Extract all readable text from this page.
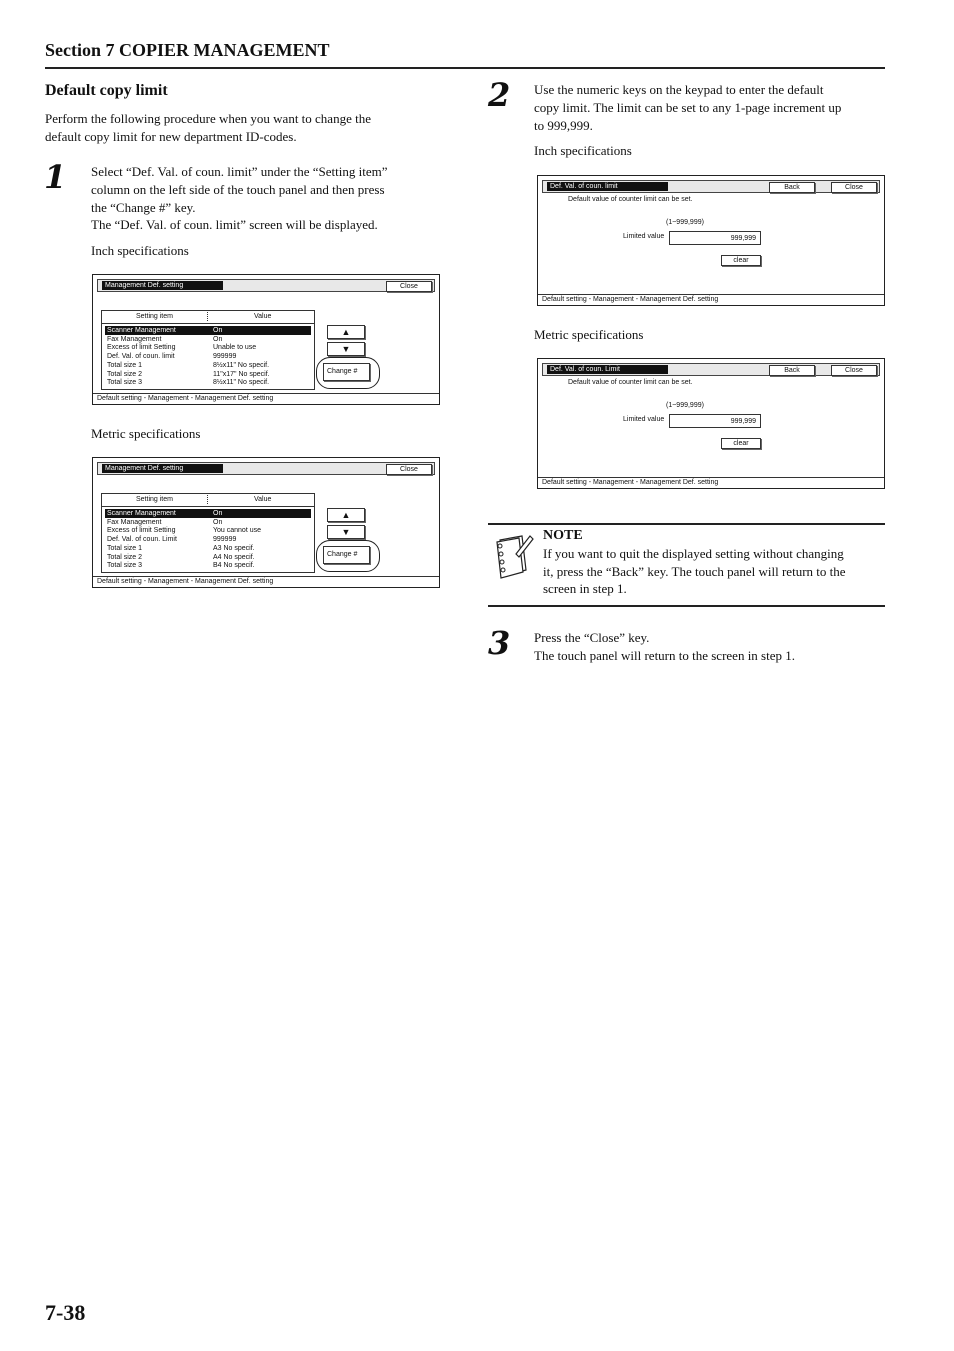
Section 7 COPIER MANAGEMENT
Default copy limit
Perform the following procedure when you want to change the
default copy limit for new department ID-codes.
1 Select “Def. Val. of coun. limit” under the “Setting item”
column on the left side of the touch panel and then press
the “Change #” key.
The “Def. Val. of coun. limit” screen will be displayed.
Inch specifications
Management Def. setting	Close
Setting item	Value
Scanner Management	On
Fax Management	On
Excess of limit Setting	Unable to use
Def. Val. of coun. limit	999999
Total size 1	8½x11" No specif.
Total size 2	11"x17" No specif.
Total size 3	8½x11" No specif.
▲
▼
Change #
Default setting - Management - Management Def. setting
Metric specifications
Management Def. setting	Close
Setting item	Value
Scanner Management	On
Fax Management	On
Excess of limit Setting	You cannot use
Def. Val. of coun. Limit	999999
Total size 1	A3 No specif.
Total size 2	A4 No specif.
Total size 3	B4 No specif.
▲
▼
Change #
Default setting - Management - Management Def. setting
2 Use the numeric keys on the keypad to enter the default
copy limit. The limit can be set to any 1-page increment up
to 999,999.
Inch specifications
Def. Val. of coun. limit	Back	Close
Default value of counter limit can be set.
(1~999,999)
Limited value	999,999
clear
Default setting - Management - Management Def. setting
Metric specifications
Def. Val. of coun. Limit	Back	Close
Default value of counter limit can be set.
(1~999,999)
Limited value	999,999
clear
Default setting - Management - Management Def. setting
NOTE
If you want to quit the displayed setting without changing
it, press the “Back” key. The touch panel will return to the
screen in step 1.
3 Press the “Close” key.
The touch panel will return to the screen in step 1.
7-38
